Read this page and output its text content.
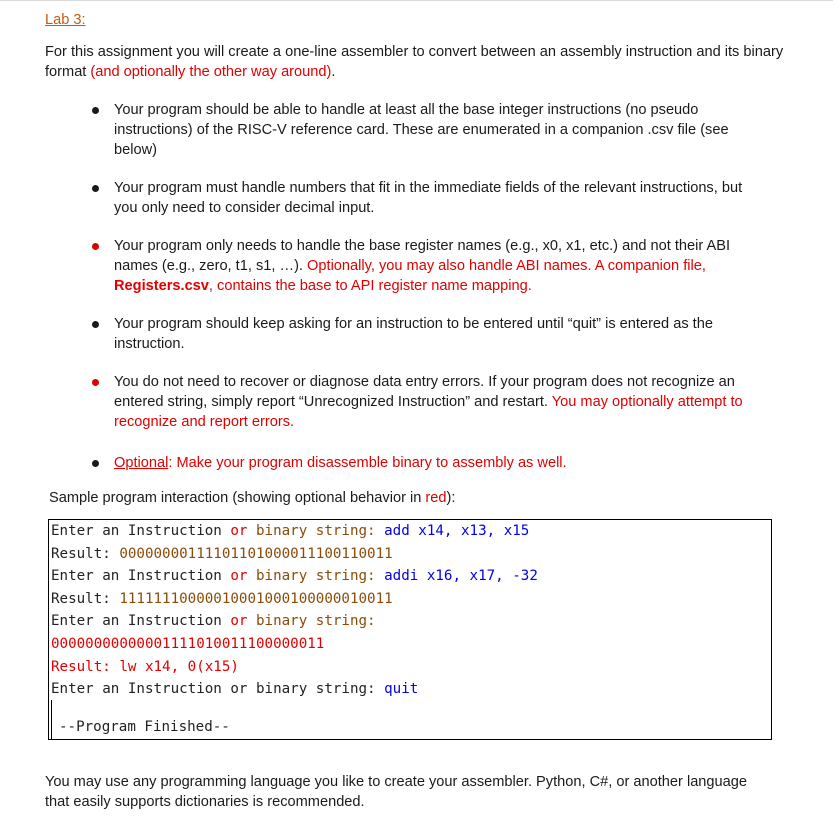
Lab 3:
For this assignment you will create a one-line assembler to convert between an assembly instruction and its binary format (and optionally the other way around).
Your program should be able to handle at least all the base integer instructions (no pseudo
instructions) of the RISC-V reference card. These are enumerated in a companion .csv file (see
below)
Your program must handle numbers that fit in the immediate fields of the relevant instructions, but
you only need to consider decimal input.
Your program only needs to handle the base register names (e.g., x0, x1, etc.) and not their ABI
names (e.g., zero, t1, s1, …). Optionally, you may also handle ABI names. A companion file,
Registers.csv, contains the base to API register name mapping.
Your program should keep asking for an instruction to be entered until “quit” is entered as the
instruction.
You do not need to recover or diagnose data entry errors. If your program does not recognize an
entered string, simply report “Unrecognized Instruction” and restart. You may optionally attempt to
recognize and report errors.
Optional: Make your program disassemble binary to assembly as well.
Sample program interaction (showing optional behavior in red):
Enter an Instruction or binary string: add x14, x13, x15
Result: 00000000111101101000011100110011
Enter an Instruction or binary string: addi x16, x17, -32
Result: 11111110000010001000100000010011
Enter an Instruction or binary string:
00000000000001111010011100000011
Result: lw x14, 0(x15)
Enter an Instruction or binary string: quit
--Program Finished--
You may use any programming language you like to create your assembler. Python, C#, or another language
that easily supports dictionaries is recommended.
